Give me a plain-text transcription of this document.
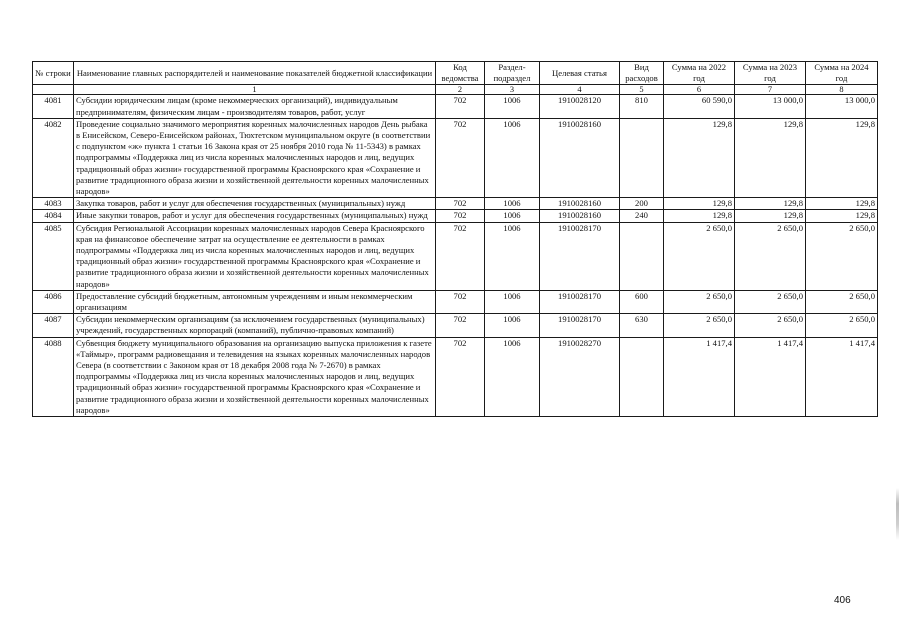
№ строки	Наименование главных распорядителей и наименование показателей бюджетной классификации	Код ведомства	Раздел-подраздел	Целевая статья	Вид расходов	Сумма на 2022 год	Сумма на 2023 год	Сумма на 2024 год
	1	2	3	4	5	6	7	8
4081	Субсидии юридическим лицам (кроме некоммерческих организаций), индивидуальным предпринимателям, физическим лицам - производителям товаров, работ, услуг	702	1006	1910028120	810	60 590,0	13 000,0	13 000,0
4082	Проведение социально значимого мероприятия коренных малочисленных народов День рыбака в Енисейском, Северо-Енисейском районах, Тюхтетском муниципальном округе (в соответствии с подпунктом «ж» пункта 1 статьи 16 Закона края от 25 ноября 2010 года № 11-5343) в рамках подпрограммы «Поддержка лиц из числа коренных малочисленных народов и лиц, ведущих традиционный образ жизни» государственной программы Красноярского края «Сохранение и развитие традиционного образа жизни и хозяйственной деятельности коренных малочисленных народов»	702	1006	1910028160		129,8	129,8	129,8
4083	Закупка товаров, работ и услуг для обеспечения государственных (муниципальных) нужд	702	1006	1910028160	200	129,8	129,8	129,8
4084	Иные закупки товаров, работ и услуг для обеспечения государственных (муниципальных) нужд	702	1006	1910028160	240	129,8	129,8	129,8
4085	Субсидия Региональной Ассоциации коренных малочисленных народов Севера Красноярского края на финансовое обеспечение затрат на осуществление ее деятельности в рамках подпрограммы «Поддержка лиц из числа коренных малочисленных народов и лиц, ведущих традиционный образ жизни» государственной программы Красноярского края «Сохранение и развитие традиционного образа жизни и хозяйственной деятельности коренных малочисленных народов»	702	1006	1910028170		2 650,0	2 650,0	2 650,0
4086	Предоставление субсидий бюджетным, автономным учреждениям и иным некоммерческим организациям	702	1006	1910028170	600	2 650,0	2 650,0	2 650,0
4087	Субсидии некоммерческим организациям (за исключением государственных (муниципальных) учреждений, государственных корпораций (компаний), публично-правовых компаний)	702	1006	1910028170	630	2 650,0	2 650,0	2 650,0
4088	Субвенция бюджету муниципального образования на организацию выпуска приложения к газете «Таймыр», программ радиовещания и телевидения на языках коренных малочисленных народов Севера (в соответствии с Законом края от 18 декабря 2008 года № 7-2670) в рамках подпрограммы «Поддержка лиц из числа коренных малочисленных народов и лиц, ведущих традиционный образ жизни» государственной программы Красноярского края «Сохранение и развитие традиционного образа жизни и хозяйственной деятельности коренных малочисленных народов»	702	1006	1910028270		1 417,4	1 417,4	1 417,4
406
